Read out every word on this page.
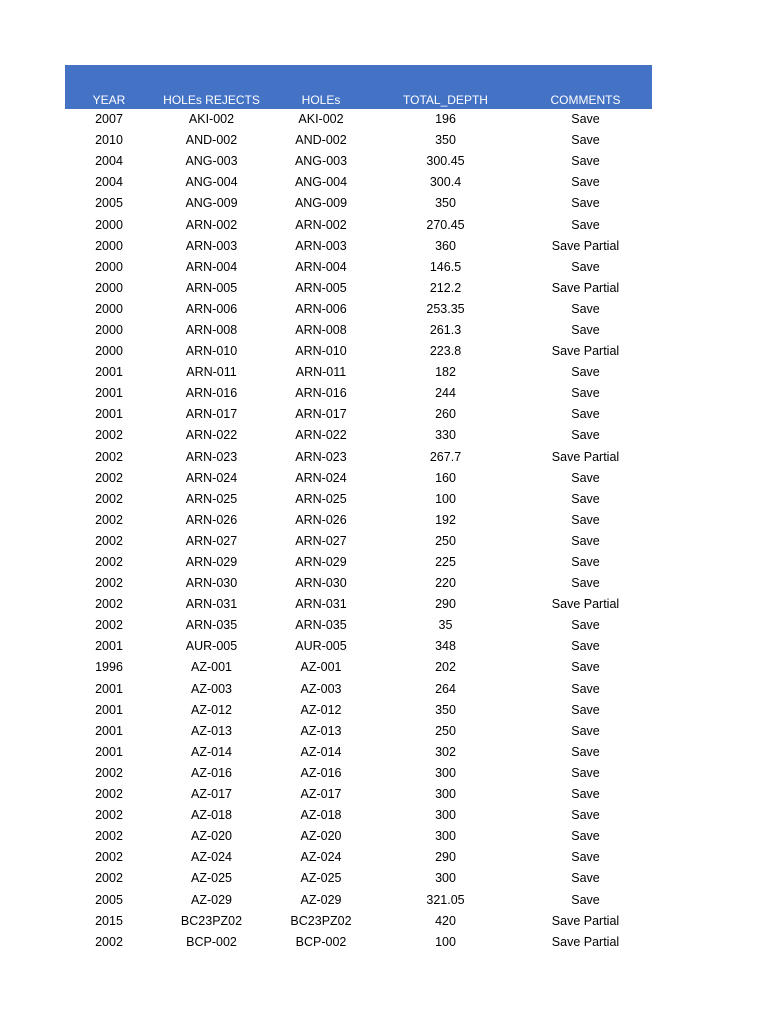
YEAR	HOLEs REJECTS	HOLEs	TOTAL_DEPTH	COMMENTS
2007	AKI-002	AKI-002	196	Save
2010	AND-002	AND-002	350	Save
2004	ANG-003	ANG-003	300.45	Save
2004	ANG-004	ANG-004	300.4	Save
2005	ANG-009	ANG-009	350	Save
2000	ARN-002	ARN-002	270.45	Save
2000	ARN-003	ARN-003	360	Save Partial
2000	ARN-004	ARN-004	146.5	Save
2000	ARN-005	ARN-005	212.2	Save Partial
2000	ARN-006	ARN-006	253.35	Save
2000	ARN-008	ARN-008	261.3	Save
2000	ARN-010	ARN-010	223.8	Save Partial
2001	ARN-011	ARN-011	182	Save
2001	ARN-016	ARN-016	244	Save
2001	ARN-017	ARN-017	260	Save
2002	ARN-022	ARN-022	330	Save
2002	ARN-023	ARN-023	267.7	Save Partial
2002	ARN-024	ARN-024	160	Save
2002	ARN-025	ARN-025	100	Save
2002	ARN-026	ARN-026	192	Save
2002	ARN-027	ARN-027	250	Save
2002	ARN-029	ARN-029	225	Save
2002	ARN-030	ARN-030	220	Save
2002	ARN-031	ARN-031	290	Save Partial
2002	ARN-035	ARN-035	35	Save
2001	AUR-005	AUR-005	348	Save
1996	AZ-001	AZ-001	202	Save
2001	AZ-003	AZ-003	264	Save
2001	AZ-012	AZ-012	350	Save
2001	AZ-013	AZ-013	250	Save
2001	AZ-014	AZ-014	302	Save
2002	AZ-016	AZ-016	300	Save
2002	AZ-017	AZ-017	300	Save
2002	AZ-018	AZ-018	300	Save
2002	AZ-020	AZ-020	300	Save
2002	AZ-024	AZ-024	290	Save
2002	AZ-025	AZ-025	300	Save
2005	AZ-029	AZ-029	321.05	Save
2015	BC23PZ02	BC23PZ02	420	Save Partial
2002	BCP-002	BCP-002	100	Save Partial
